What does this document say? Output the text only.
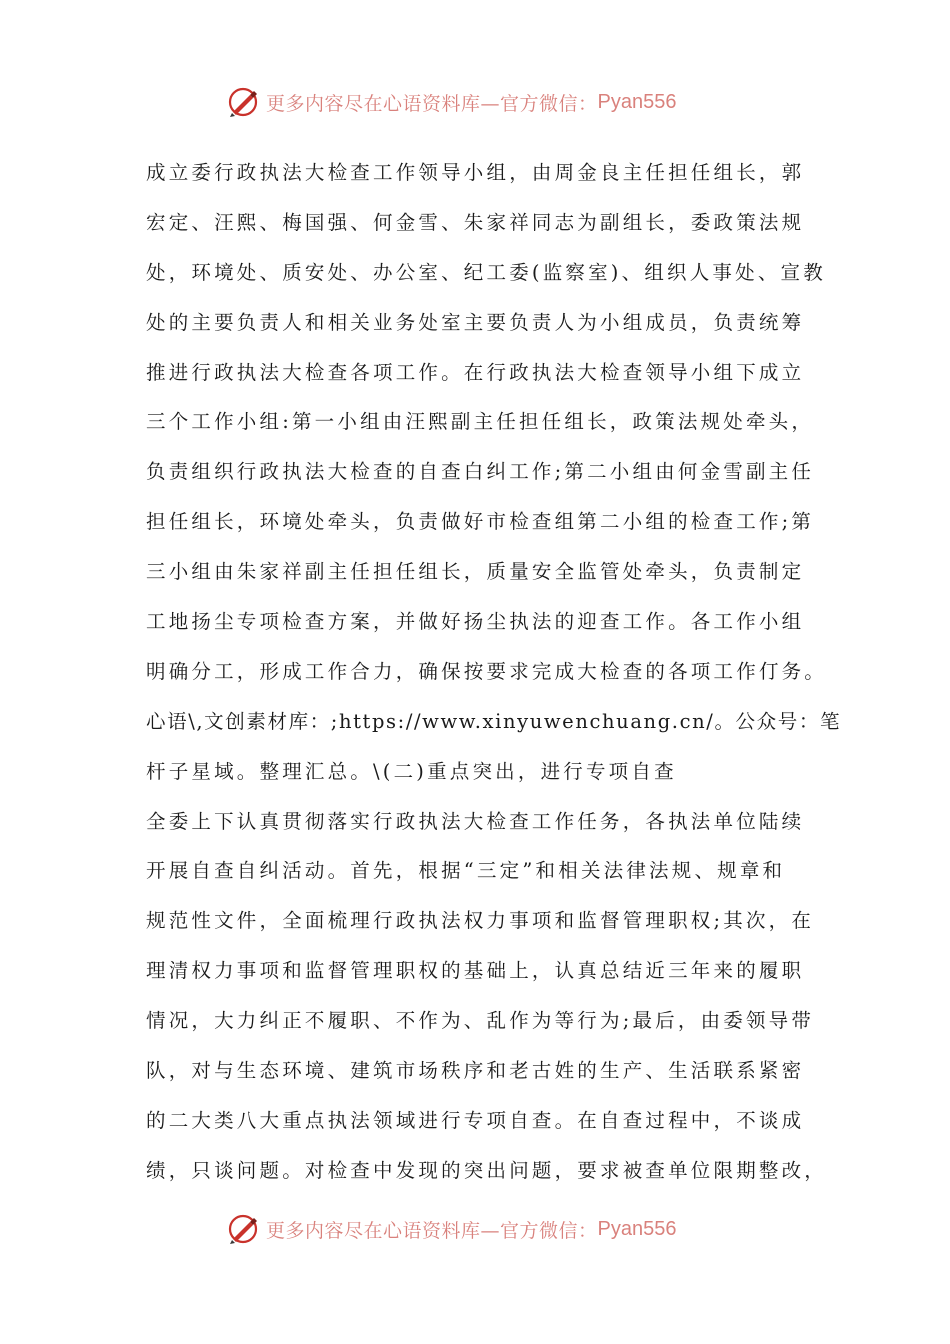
更多内容尽在心语资料库—官方微信： Pyan556
成立委行政执法大检查工作领导小组，由周金良主任担任组长，郭
宏定、汪熙、梅国强、何金雪、朱家祥同志为副组长，委政策法规
处，环境处、质安处、办公室、纪工委(监察室)、组织人事处、宣教
处的主要负责人和相关业务处室主要负责人为小组成员，负责统筹
推进行政执法大检查各项工作。在行政执法大检查领导小组下成立
三个工作小组:第一小组由汪熙副主任担任组长，政策法规处牵头，
负责组织行政执法大检查的自查白纠工作;第二小组由何金雪副主任
担任组长，环境处牵头，负责做好市检查组第二小组的检查工作;第
三小组由朱家祥副主任担任组长，质量安全监管处牵头，负责制定
工地扬尘专项检查方案，并做好扬尘执法的迎查工作。各工作小组
明确分工，形成工作合力，确保按要求完成大检查的各项工作仃务。
心语\,文创素材库：;https://www.xinyuwenchuang.cn/。公众号：笔
杆子星域。整理汇总。\(二)重点突出，进行专项自查
全委上下认真贯彻落实行政执法大检查工作任务，各执法单位陆续
开展自查自纠活动。首先，根据“三定”和相关法律法规、规章和
规范性文件，全面梳理行政执法权力事项和监督管理职权;其次，在
理清权力事项和监督管理职权的基础上，认真总结近三年来的履职
情况，大力纠正不履职、不作为、乱作为等行为;最后，由委领导带
队，对与生态环境、建筑市场秩序和老古姓的生产、生活联系紧密
的二大类八大重点执法领域进行专项自查。在自查过程中，不谈成
绩，只谈问题。对检查中发现的突出问题，要求被查单位限期整改，
更多内容尽在心语资料库—官方微信： Pyan556
